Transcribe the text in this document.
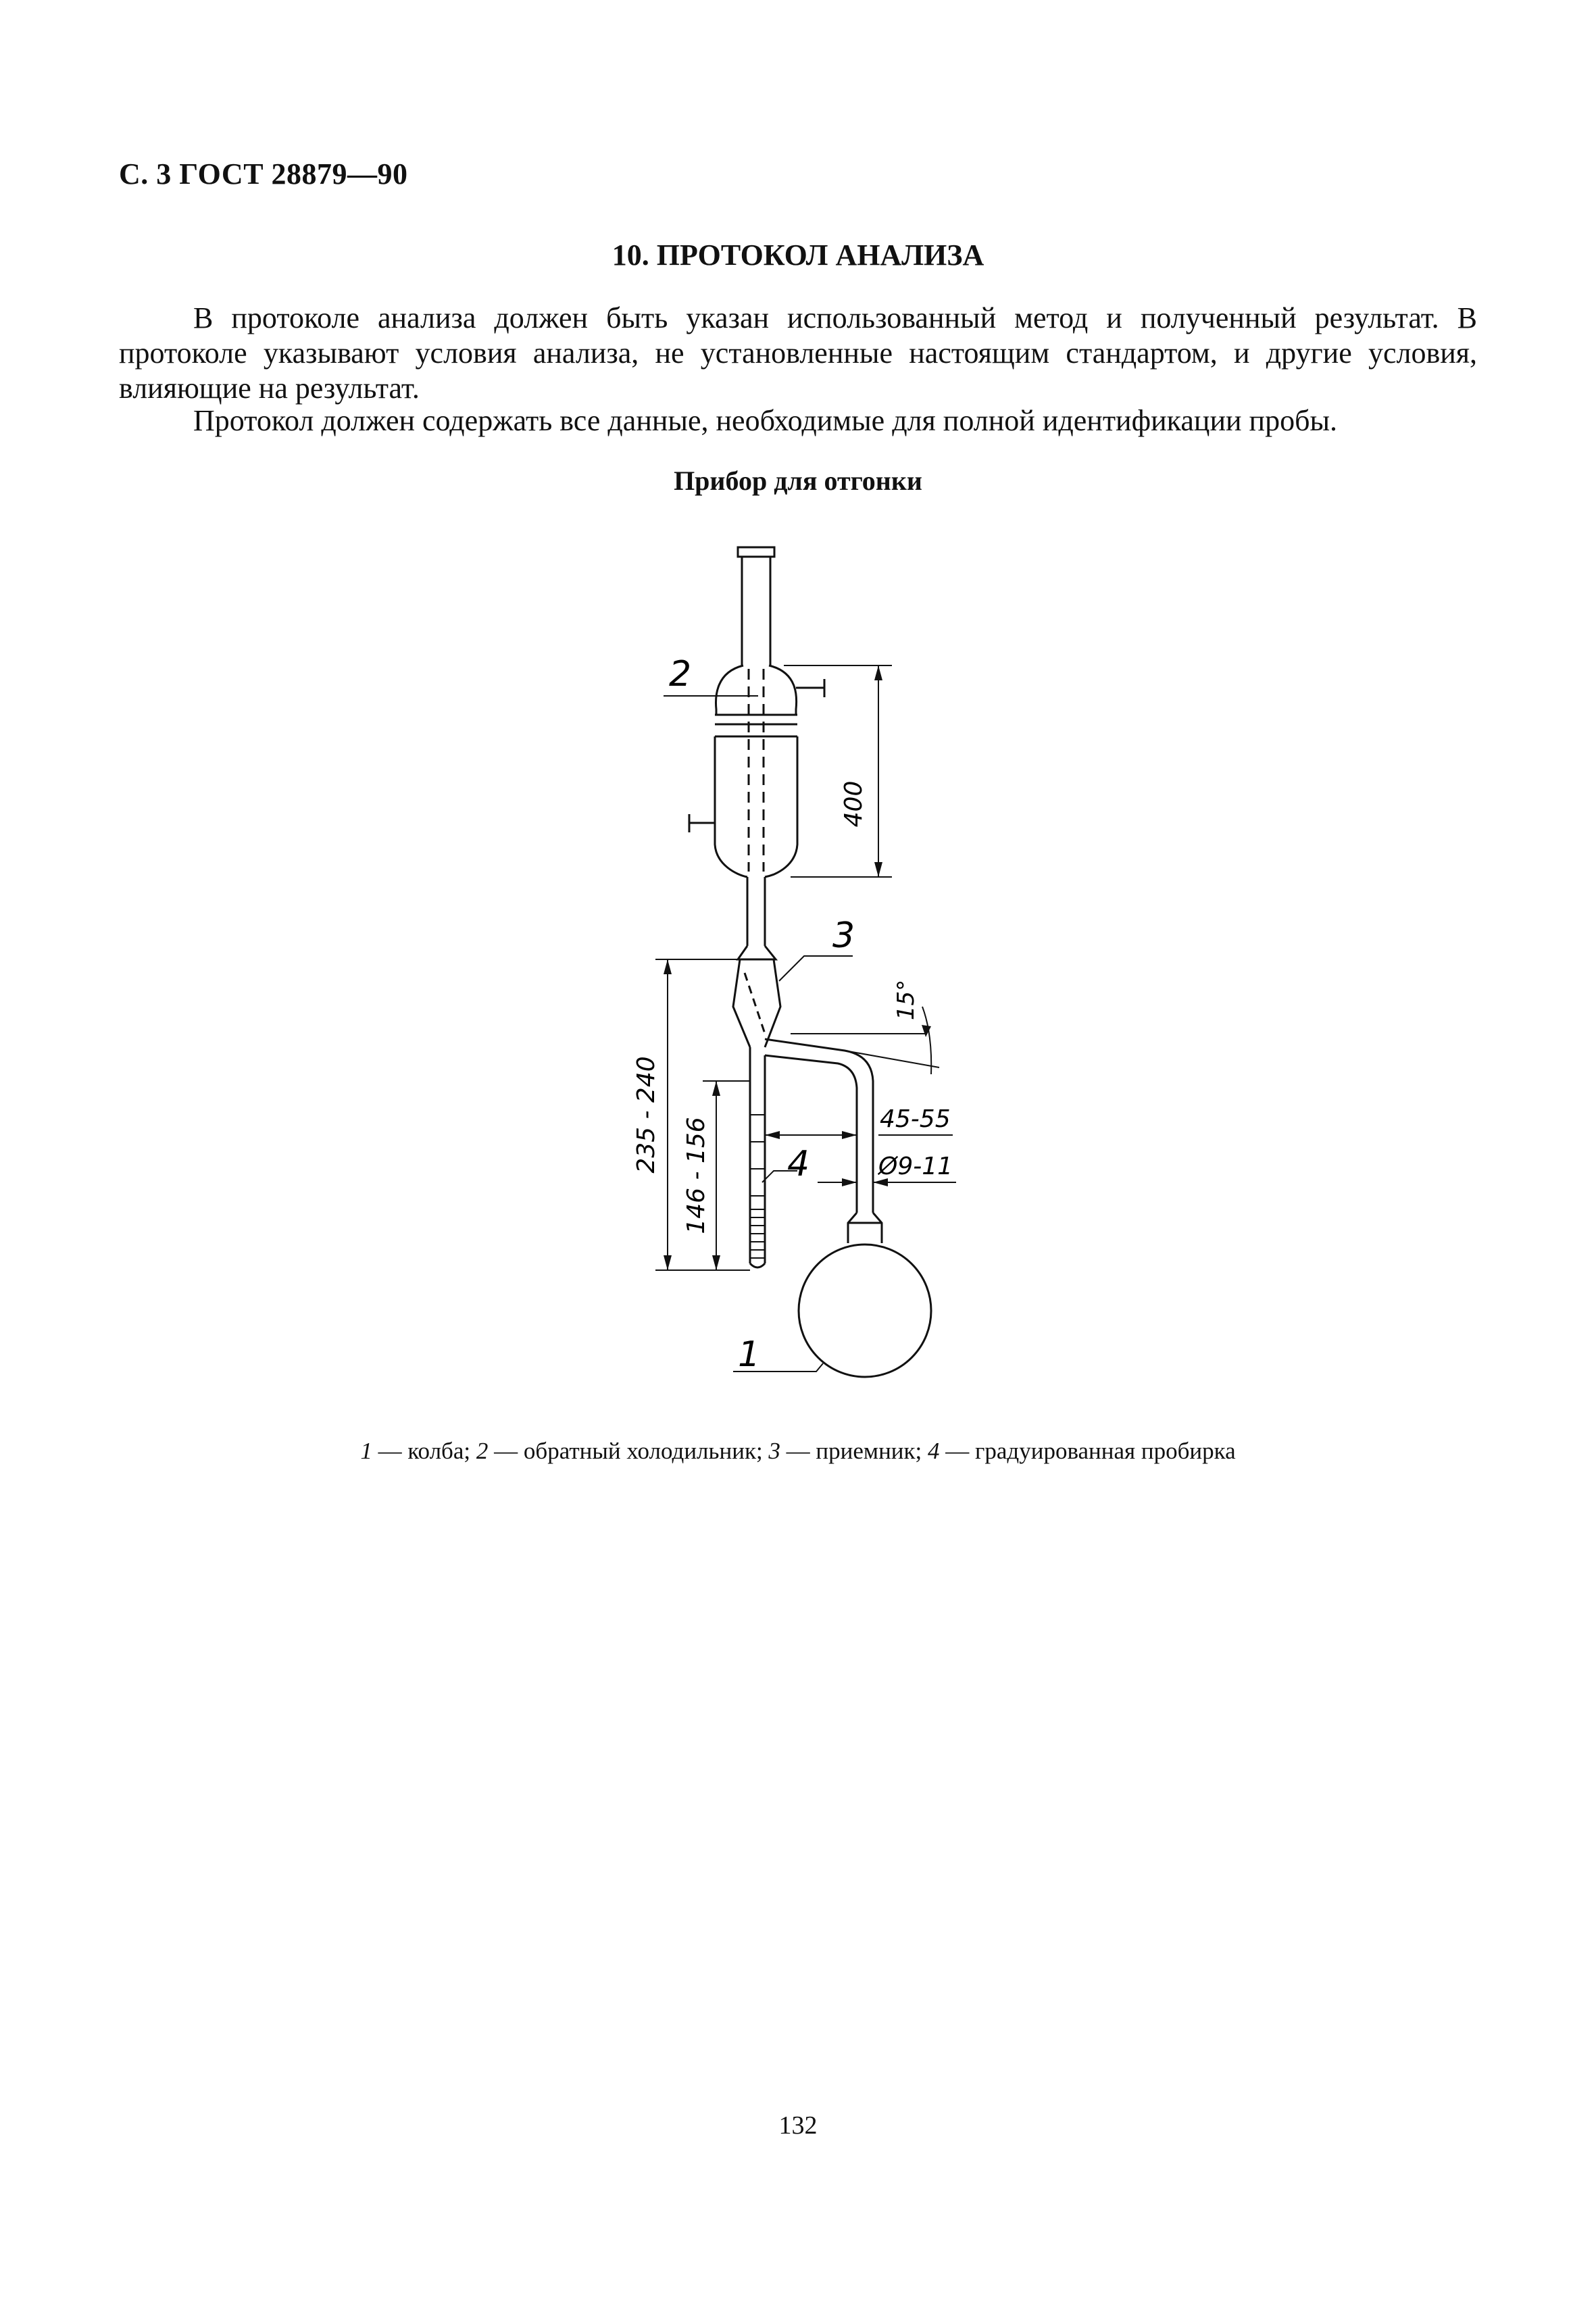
С. 3 ГОСТ 28879—90
10. ПРОТОКОЛ АНАЛИЗА
В протоколе анализа должен быть указан использованный метод и полученный результат. В протоколе указывают условия анализа, не установленные настоящим стандартом, и другие условия, влияющие на результат.
Протокол должен содержать все данные, необходимые для полной идентификации пробы.
Прибор для отгонки
2
3
4
1
400
235 - 240
146 - 156	45-55
Ø9-11
15°
1 — колба; 2 — обратный холодильник; 3 — приемник; 4 — градуированная пробирка
132
